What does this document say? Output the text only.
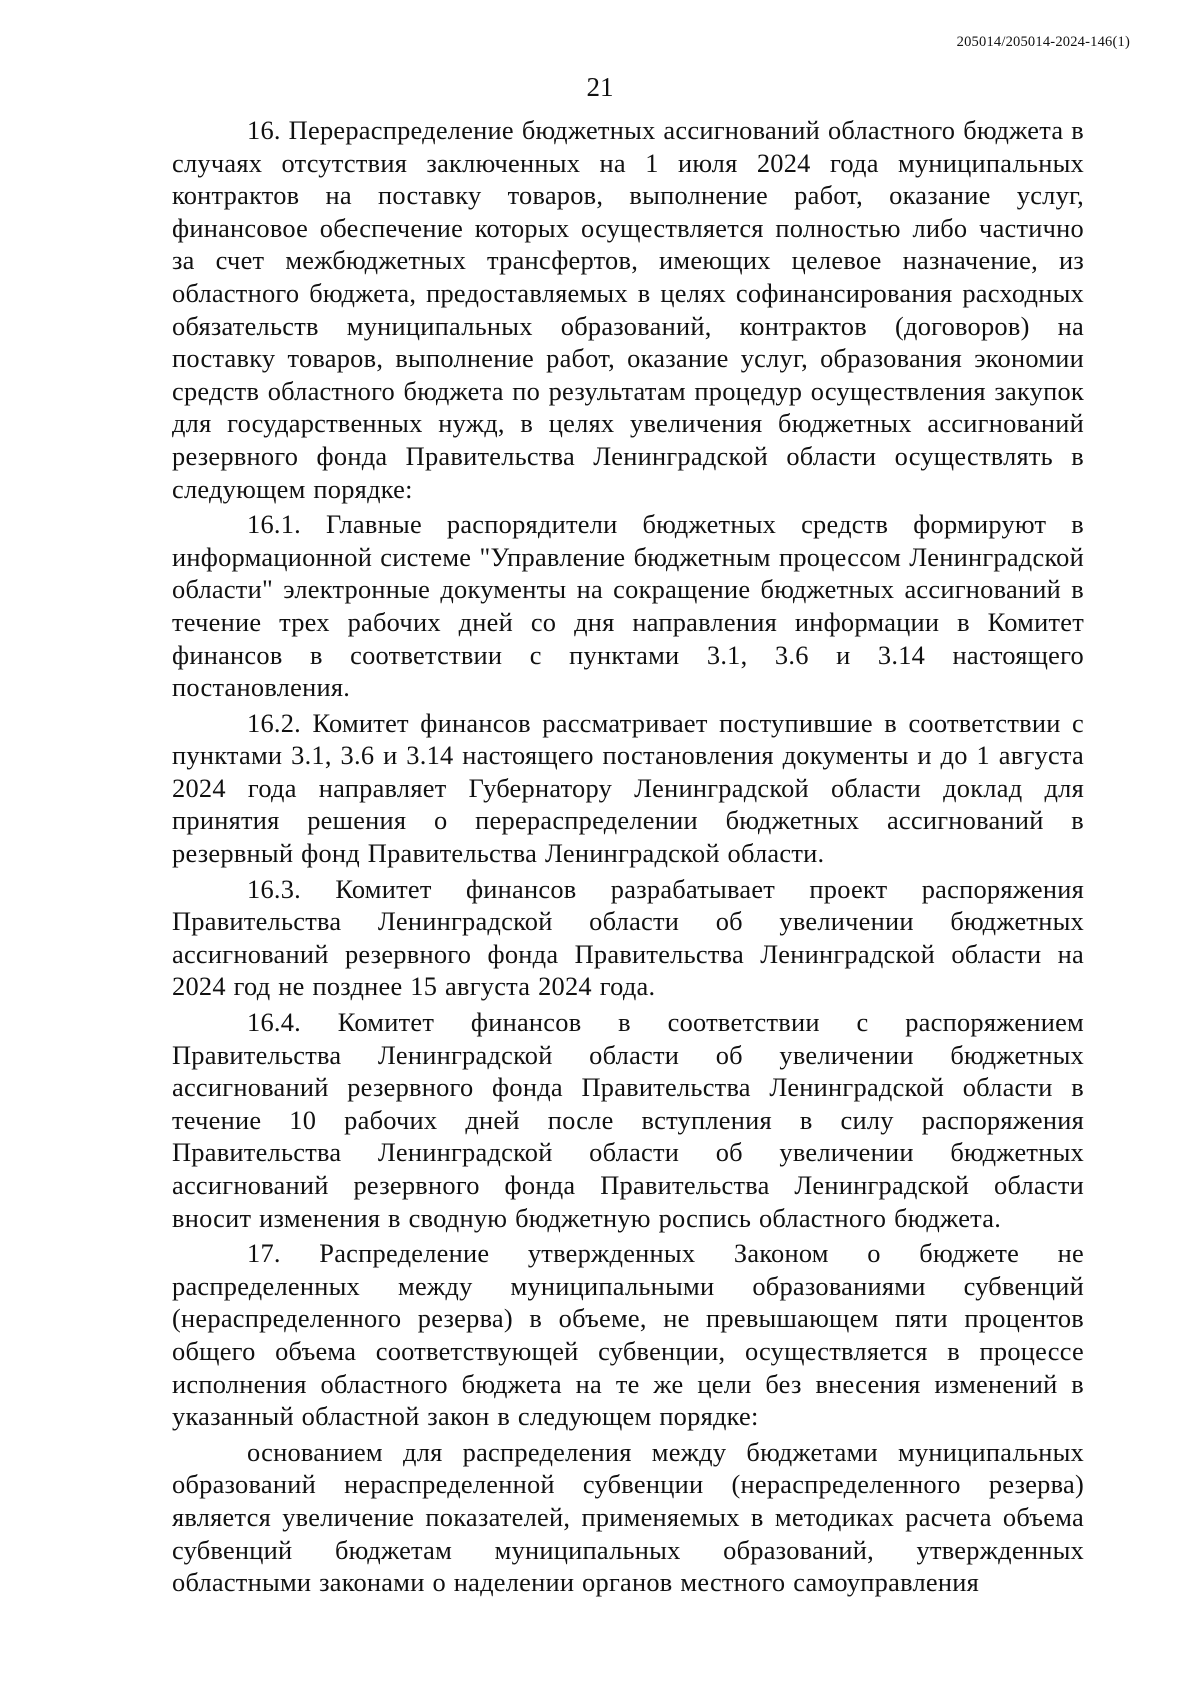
205014/205014-2024-146(1)
21

16. Перераспределение бюджетных ассигнований областного бюджета в случаях отсутствия заключенных на 1 июля 2024 года муниципальных контрактов на поставку товаров, выполнение работ, оказание услуг, финансовое обеспечение которых осуществляется полностью либо частично за счет межбюджетных трансфертов, имеющих целевое назначение, из областного бюджета, предоставляемых в целях софинансирования расходных обязательств муниципальных образований, контрактов (договоров) на поставку товаров, выполнение работ, оказание услуг, образования экономии средств областного бюджета по результатам процедур осуществления закупок для государственных нужд, в целях увеличения бюджетных ассигнований резервного фонда Правительства Ленинградской области осуществлять в следующем порядке:

16.1. Главные распорядители бюджетных средств формируют в информационной системе "Управление бюджетным процессом Ленинградской области" электронные документы на сокращение бюджетных ассигнований в течение трех рабочих дней со дня направления информации в Комитет финансов в соответствии с пунктами 3.1, 3.6 и 3.14 настоящего постановления.

16.2. Комитет финансов рассматривает поступившие в соответствии с пунктами 3.1, 3.6 и 3.14 настоящего постановления документы и до 1 августа 2024 года направляет Губернатору Ленинградской области доклад для принятия решения о перераспределении бюджетных ассигнований в резервный фонд Правительства Ленинградской области.

16.3. Комитет финансов разрабатывает проект распоряжения Правительства Ленинградской области об увеличении бюджетных ассигнований резервного фонда Правительства Ленинградской области на 2024 год не позднее 15 августа 2024 года.

16.4. Комитет финансов в соответствии с распоряжением Правительства Ленинградской области об увеличении бюджетных ассигнований резервного фонда Правительства Ленинградской области в течение 10 рабочих дней после вступления в силу распоряжения Правительства Ленинградской области об увеличении бюджетных ассигнований резервного фонда Правительства Ленинградской области вносит изменения в сводную бюджетную роспись областного бюджета.

17. Распределение утвержденных Законом о бюджете не распределенных между муниципальными образованиями субвенций (нераспределенного резерва) в объеме, не превышающем пяти процентов общего объема соответствующей субвенции, осуществляется в процессе исполнения областного бюджета на те же цели без внесения изменений в указанный областной закон в следующем порядке:

основанием для распределения между бюджетами муниципальных образований нераспределенной субвенции (нераспределенного резерва) является увеличение показателей, применяемых в методиках расчета объема субвенций бюджетам муниципальных образований, утвержденных областными законами о наделении органов местного самоуправления
